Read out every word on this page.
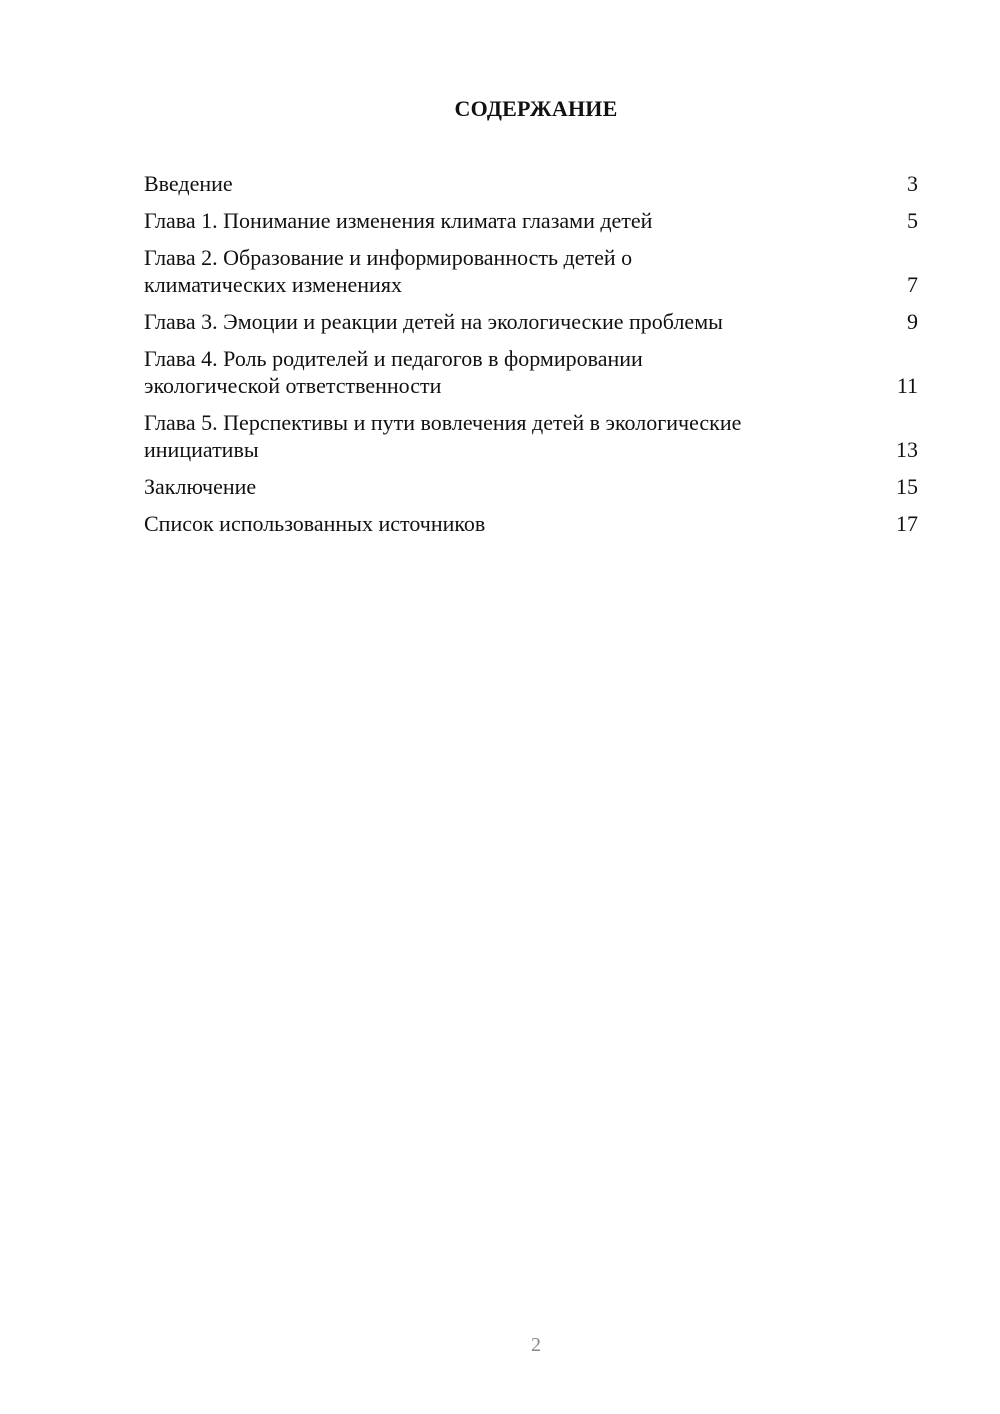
СОДЕРЖАНИЕ
Введение	3
Глава 1. Понимание изменения климата глазами детей	5
Глава 2. Образование и информированность детей о климатических изменениях	7
Глава 3. Эмоции и реакции детей на экологические проблемы	9
Глава 4. Роль родителей и педагогов в формировании экологической ответственности	11
Глава 5. Перспективы и пути вовлечения детей в экологические инициативы	13
Заключение	15
Список использованных источников	17
2
